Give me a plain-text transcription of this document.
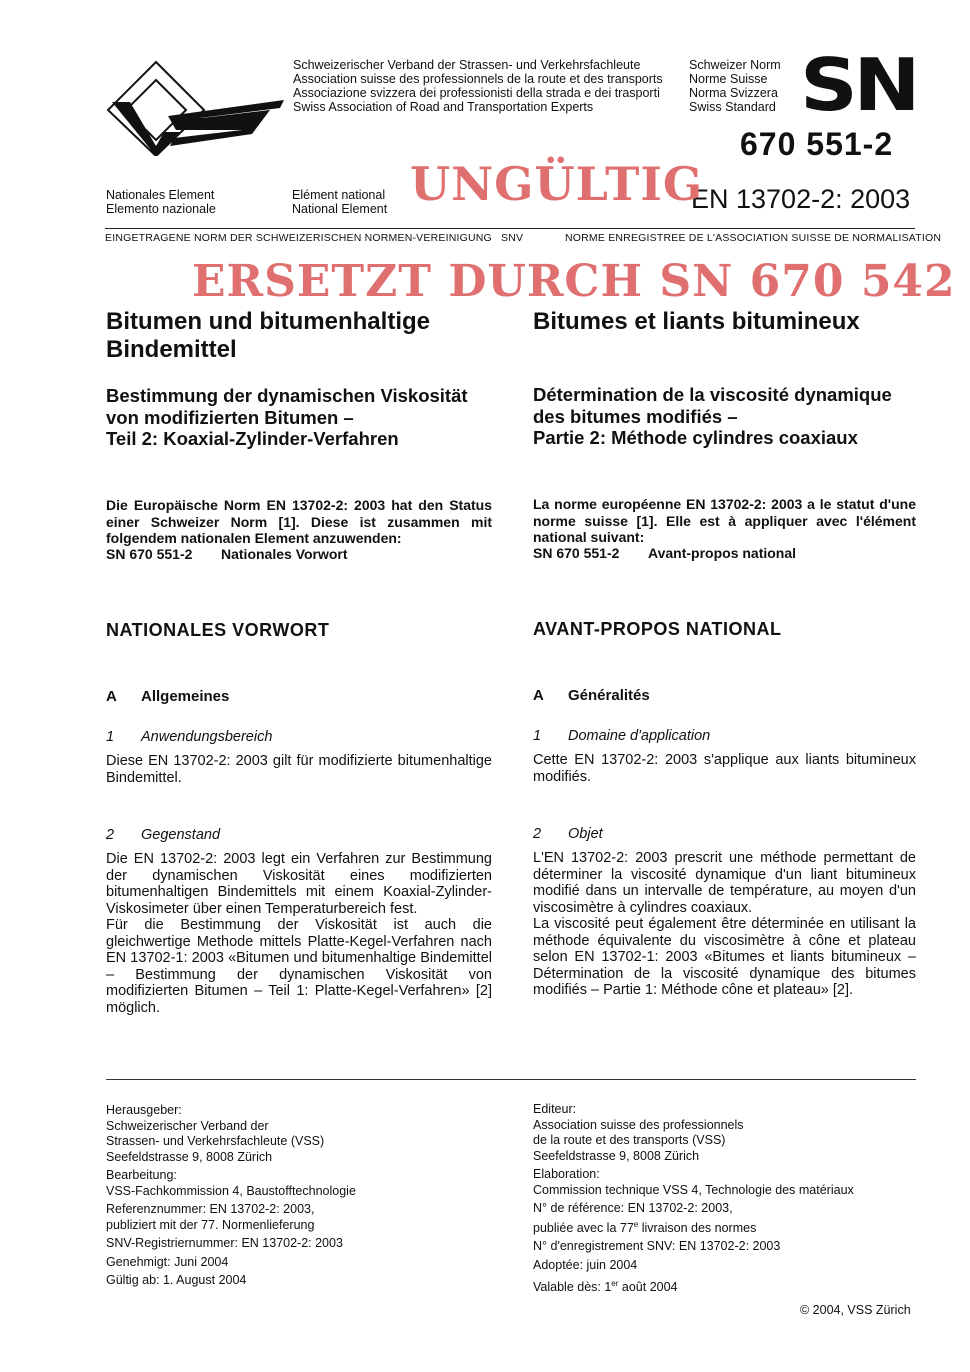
Schweizerischer Verband der Strassen- und Verkehrsfachleute
Association suisse des professionnels de la route et des transports
Associazione svizzera dei professionisti della strada e dei trasporti
Swiss Association of Road and Transportation Experts
Schweizer Norm
Norme Suisse
Norma Svizzera
Swiss Standard SN
670 551-2
EN 13702-2: 2003
Nationales Element
Elemento nazionale
Elément national
National Element UNGÜLTIG
EINGETRAGENE NORM DER SCHWEIZERISCHEN NORMEN-VEREINIGUNG SNV	NORME ENREGISTREE DE L'ASSOCIATION SUISSE DE NORMALISATION
ERSETZT DURCH SN 670 542
Bitumen und bitumenhaltige Bindemittel
Bitumes et liants bitumineux
Bestimmung der dynamischen Viskosität
von modifizierten Bitumen –
Teil 2: Koaxial-Zylinder-Verfahren
Détermination de la viscosité dynamique
des bitumes modifiés –
Partie 2: Méthode cylindres coaxiaux
Die Europäische Norm EN 13702-2: 2003 hat den Status einer Schweizer Norm [1]. Diese ist zusammen mit folgendem nationalen Element anzuwenden:
SN 670 551-2 Nationales Vorwort
La norme européenne EN 13702-2: 2003 a le statut d'une norme suisse [1]. Elle est à appliquer avec l'élément national suivant:
SN 670 551-2 Avant-propos national
NATIONALES VORWORT	AVANT-PROPOS NATIONAL
A Allgemeines	A Généralités
1 Anwendungsbereich
Diese EN 13702-2: 2003 gilt für modifizierte bitumenhaltige Bindemittel.
1 Domaine d'application
Cette EN 13702-2: 2003 s'applique aux liants bitumineux modifiés.
2 Gegenstand

Die EN 13702-2: 2003 legt ein Verfahren zur Bestimmung der dynamischen Viskosität eines modifizierten bitumenhaltigen Bindemittels mit einem Koaxial-Zylinder-Viskosimeter über einen Temperaturbereich fest.

Für die Bestimmung der Viskosität ist auch die gleichwertige Methode mittels Platte-Kegel-Verfahren nach EN 13702-1: 2003 «Bitumen und bitumenhaltige Bindemittel – Bestimmung der dynamischen Viskosität von modifizierten Bitumen – Teil 1: Platte-Kegel-Verfahren» [2] möglich.

2 Objet

L'EN 13702-2: 2003 prescrit une méthode permettant de déterminer la viscosité dynamique d'un liant bitumineux modifié dans un intervalle de température, au moyen d'un viscosimètre à cylindres coaxiaux.

La viscosité peut également être déterminée en utilisant la méthode équivalente du viscosimètre à cône et plateau selon EN 13702-1: 2003 «Bitumes et liants bitumineux – Détermination de la viscosité dynamique des bitumes modifiés – Partie 1: Méthode cône et plateau» [2].

Herausgeber:

Schweizerischer Verband der

Strassen- und Verkehrsfachleute (VSS)

Seefeldstrasse 9, 8008 Zürich

Bearbeitung:

VSS-Fachkommission 4, Baustofftechnologie

Referenznummer: EN 13702-2: 2003,

publiziert mit der 77. Normenlieferung

SNV-Registriernummer: EN 13702-2: 2003

Genehmigt: Juni 2004

Gültig ab: 1. August 2004

Editeur:

Association suisse des professionnels

de la route et des transports (VSS)

Seefeldstrasse 9, 8008 Zürich

Elaboration:

Commission technique VSS 4, Technologie des matériaux

N° de référence: EN 13702-2: 2003,

publiée avec la 77e livraison des normes

N° d'enregistrement SNV: EN 13702-2: 2003

Adoptée: juin 2004

Valable dès: 1er août 2004

© 2004, VSS Zürich
